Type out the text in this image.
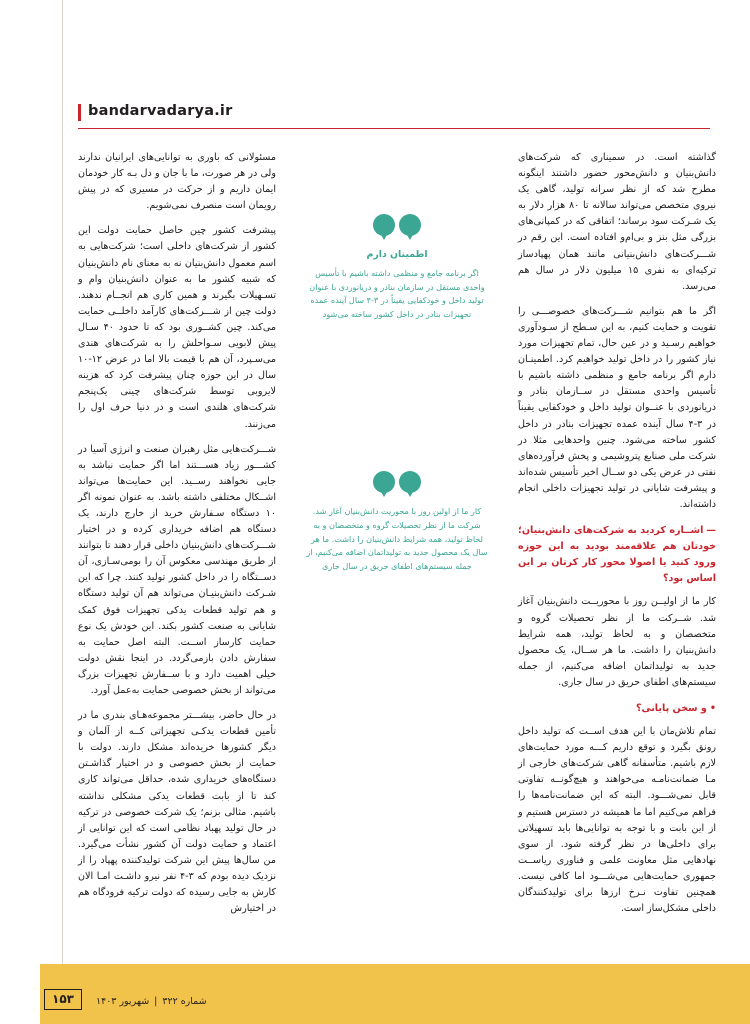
bandarvadarya.ir

مسئولانی که باوری به توانایی‌های ایرانیان ندارند ولی در هر صورت، ما با جان و دل بـه کار خودمان ایمان داریم و از حرکت در مسیری که در پیش رویمان است منصرف نمی‌شویم.

پیشرفت کشور چین حاصل حمایت دولت این کشور از شرکت‌های داخلی است؛ شرکت‌هایی به اسم معمول دانش‌بنیان نه به معنای نام دانش‌بنیان که شبیه کشور ما به عنوان دانش‌بنیان وام و تسـهیلات بگیرند و همین کاری هم انجــام ندهند. دولت چین از شـــرکت‌های کارآمد داخلــی حمایت می‌کند. چین کشــوری بود که تا حدود ۴۰ سـال پیش لابویی سـواحلش را به شرکت‌های هندی می‌سـپرد، آن هم با قیمت بالا اما در عرض ۱۲-۱۰ سال در این حوزه چنان پیشرفت کرد که هزینه لایروبی توسط شرکت‌های چینی یک‌پنجم شرکت‌های هلندی است و در دنیا حرف اول را می‌زنند.

شـــرکت‌هایی مثل رهبران صنعت و انرژی آسیا در کشـــور زیاد هســـتند اما اگر حمایت نباشد به جایی نخواهند رســید. این حمایت‌ها می‌تواند اشــکال مختلفی داشته باشد. به عنوان نمونه اگر ۱۰ دستگاه سـفارش خرید از خارج دارند، یک دستگاه هم اضافه خریداری کرده و در اختیار شـــرکت‌های دانش‌بنیان داخلی قرار دهند تا بتوانند از طریق مهندسی معکوس آن را بومی‌سـازی، آن دســتگاه را در داخل کشور تولید کنند. چرا که این شـرکت دانش‌بنیـان می‌تواند هم آن تولید دستگاه و هم تولید قطعات یدکی تجهیزات فوق کمک شایانی به صنعت کشور بکند. این خودش یک نوع حمایت کارساز اســت. البته اصل حمایت به سفارش دادن بازمی‌گردد. در اینجا نقش دولت خیلی اهمیت دارد و با ســفارش تجهیزات بزرگ می‌تواند از بخش خصوصی حمایت به‌عمل آورد.

در حال حاضر، بیشـــتر مجموعه‌هـای بندری ما در تأمین قطعات یدکـی تجهیزاتی کــه از آلمان و دیگر کشورها خریده‌اند مشکل دارند. دولت با حمایت از بخش خصوصی و در اختیار گذاشـتن دستگاه‌های خریداری شده، حداقل می‌تواند کاری کند تا از بابت قطعات یدکی مشکلی نداشته باشیم. مثالی بزنم؛ یک شرکت خصوصی در ترکیه در حال تولید پهباد نظامی است که این توانایی از اعتماد و حمایت دولت آن کشور نشأت می‌گیرد. من سال‌ها پیش این شرکت تولیدکننده پهپاد را از نزدیک دیده بودم که ۳-۴ نفر نیرو داشـت امـا الان کارش به جایی رسیده که دولت ترکیه فرودگاه هم در اختیارش

اطمینان دارم
اگر برنامه جامع و منظمی داشته باشیم با تأسیس واحدی مستقل در سازمان بنادر و دریانوردی با عنوان تولید داخل و خودکفایی یقیناً در ۳-۴ سال آینده عمده تجهیزات بنادر در داخل کشور ساخته می‌شود
کار ما از اولین روز با محوریت دانش‌بنیان آغاز شد. شرکت ما از نظر تحصیلات گروه و متخصصان و به لحاظ تولید، همه شرایط دانش‌بنیان را داشت. ما هر سال یک محصول جدید به تولیداتمان اضافه می‌کنیم، از جمله سیستم‌های اطفای حریق در سال جاری

گذاشته است. در سمیناری که شرکت‌های دانش‌بنیان و دانش‌محور حضور داشتند اینگونه مطرح شد که از نظر سرانه تولید، گاهی یک نیروی متخصص می‌تواند سالانه تا ۸۰ هزار دلار به یک شـرکت سود برساند؛ اتفاقی که در کمپانی‌های بزرگی مثل بنز و بی‌ام‌و افتاده است. این رقم در شـــرکت‌های دانش‌بنیانی مانند همان پهپادساز ترکیه‌ای به نفری ۱۵ میلیون دلار در سال هم می‌رسد.

اگر ما هم بتوانیم شـــرکت‌های خصوصـــی را تقویت و حمایت کنیم، به این سـطح از سـودآوری خواهیم رسـید و در عین حال، تمام تجهیزات مورد نیاز کشور را در داخل تولید خواهیم کرد. اطمینـان دارم اگر برنامه جامع و منظمی داشته باشیم با تأسیس واحدی مستقل در ســازمان بنادر و دریانوردی با عنــوان تولید داخل و خودکفایی یقیناً در ۳-۴ سال آینده عمده تجهیزات بنادر در داخل کشور ساخته می‌شود. چنین واحدهایی مثلا در شرکت ملی صنایع پتروشیمی و پخش فرآورده‌های نفتی در عرض یکی دو ســال اخیر تأسیس شده‌اند و پیشرفت شایانی در تولید تجهیزات داخلی انجام داشته‌اند.

—اشــاره کردید به شرکت‌های دانش‌بنیان؛ خودتان هم علاقه‌مند بودید به این حوزه ورود کنید یا اصولا محور کار کرتان بر این اساس بود؟

کار ما از اولیــن روز با محوریــت دانش‌بنیان آغاز شد. شــرکت ما از نظر تحصیلات گروه و متخصصان و به لحاظ تولید، همه شرایط دانش‌بنیان را داشت. ما هر ســال، یک محصول جدید به تولیداتمان اضافه می‌کنیم، از جمله سیستم‌های اطفای حریق در سال جاری.

•و سخن پایانی؟

تمام تلاش‌مان با این هدف اســت که تولید داخل رونق بگیرد و توقع داریم کـــه مورد حمایت‌های لازم باشیم. متأسفانه گاهی شرکت‌های خارجی از مـا ضمانت‌نامـه می‌خواهند و هیچ‌گونــه تفاوتی قابل نمی‌شـــود. البته که این ضمانت‌نامه‌ها را فراهم می‌کنیم اما ما همیشه در دسترس هستیم و از این بابت و با توجه به توانایی‌ها باید تسهیلاتی برای داخلی‌ها در نظر گرفته شود. از سوی نهادهایی مثل معاونت علمی و فناوری ریاســت جمهوری حمایت‌هایی می‌شـــود اما کافی نیست. همچنین تفاوت نـرخ ارزها برای تولیدکنندگان داخلی مشکل‌ساز است.

۱۵۳	شماره ۳۲۲|شهریور ۱۴۰۳
